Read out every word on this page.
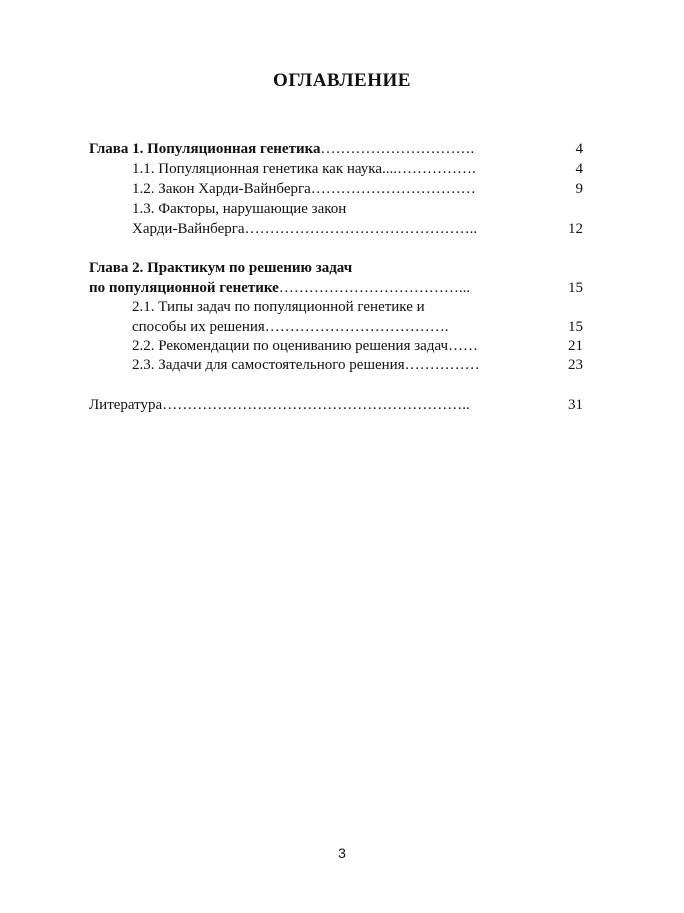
ОГЛАВЛЕНИЕ
Глава 1. Популяционная генетика………………………….	4
1.1. Популяционная генетика как наука....…………….	4
1.2. Закон Харди-Вайнберга……………………………	9
1.3. Факторы, нарушающие закон
Харди-Вайнберга………………………………………..	12
Глава 2. Практикум по решению задач
по популяционной генетике………………………………...	15
2.1. Типы задач по популяционной генетике и
способы их решения……………………………….	15
2.2. Рекомендации по оцениванию решения задач……	21
2.3. Задачи для самостоятельного решения……………	23
Литература……………………………………………………..	31
3
